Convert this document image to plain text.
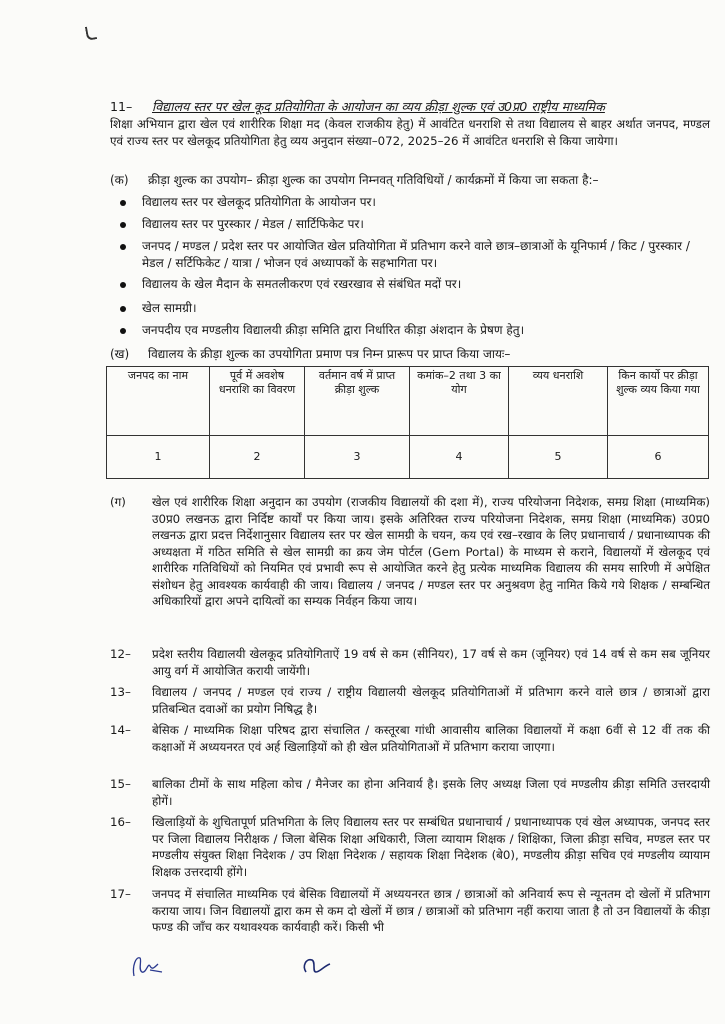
11– विद्यालय स्तर पर खेल कूद प्रतियोगिता के आयोजन का व्यय क्रीड़ा शुल्क एवं उ0प्र0 राष्ट्रीय माध्यमिक
शिक्षा अभियान द्वारा खेल एवं शारीरिक शिक्षा मद (केवल राजकीय हेतु) में आवंटित धनराशि से तथा विद्यालय से बाहर अर्थात जनपद, मण्डल एवं राज्य स्तर पर खेलकूद प्रतियोगिता हेतु व्यय अनुदान संख्या–072, 2025–26 में आवंटित धनराशि से किया जायेगा।
(क) क्रीड़ा शुल्क का उपयोग– क्रीड़ा शुल्क का उपयोग निम्नवत् गतिविधियों / कार्यक्रमों में किया जा सकता है:–
विद्यालय स्तर पर खेलकूद प्रतियोगिता के आयोजन पर।
विद्यालय स्तर पर पुरस्कार / मेडल / सार्टिफिकेट पर।
जनपद / मण्डल / प्रदेश स्तर पर आयोजित खेल प्रतियोगिता में प्रतिभाग करने वाले छात्र–छात्राओं के यूनिफार्म / किट / पुरस्कार / मेडल / सर्टिफिकेट / यात्रा / भोजन एवं अध्यापकों के सहभागिता पर।
विद्यालय के खेल मैदान के समतलीकरण एवं रखरखाव से संबंधित मदों पर।
खेल सामग्री।
जनपदीय एव मण्डलीय विद्यालयी क्रीड़ा समिति द्वारा निर्धारित कीड़ा अंशदान के प्रेषण हेतु।
(ख) विद्यालय के क्रीड़ा शुल्क का उपयोगिता प्रमाण पत्र निम्न प्रारूप पर प्राप्त किया जायः–
जनपद का नाम	पूर्व में अवशेष धनराशि का विवरण	वर्तमान वर्ष में प्राप्त क्रीड़ा शुल्क	कमांक–2 तथा 3 का योग	व्यय धनराशि	किन कार्यो पर क्रीड़ा शुल्क व्यय किया गया
1	2	3	4	5	6
(ग)	खेल एवं शारीरिक शिक्षा अनुदान का उपयोग (राजकीय विद्यालयों की दशा में), राज्य परियोजना निदेशक, समग्र शिक्षा (माध्यमिक) उ0प्र0 लखनऊ द्वारा निर्दिष्ट कार्यों पर किया जाय। इसके अतिरिक्त राज्य परियोजना निदेशक, समग्र शिक्षा (माध्यमिक) उ0प्र0 लखनऊ द्वारा प्रदत्त निर्देशानुसार विद्यालय स्तर पर खेल सामग्री के चयन, कय एवं रख–रखाव के लिए प्रधानाचार्य / प्रधानाध्यापक की अध्यक्षता में गठित समिति से खेल सामग्री का क्रय जेम पोर्टल (Gem Portal) के माध्यम से कराने, विद्यालयों में खेलकूद एवं शारीरिक गतिविधियों को नियमित एवं प्रभावी रूप से आयोजित करने हेतु प्रत्येक माध्यमिक विद्यालय की समय सारिणी में अपेक्षित संशोधन हेतु आवश्यक कार्यवाही की जाय। विद्यालय / जनपद / मण्डल स्तर पर अनुश्रवण हेतु नामित किये गये शिक्षक / सम्बन्धित अधिकारियों द्वारा अपने दायित्वों का सम्यक निर्वहन किया जाय।
12–	प्रदेश स्तरीय विद्यालयी खेलकूद प्रतियोगिताऐं 19 वर्ष से कम (सीनियर), 17 वर्ष से कम (जूनियर) एवं 14 वर्ष से कम सब जूनियर आयु वर्ग में आयोजित करायी जायेंगी।
13–	विद्यालय / जनपद / मण्डल एवं राज्य / राष्ट्रीय विद्यालयी खेलकूद प्रतियोगिताओं में प्रतिभाग करने वाले छात्र / छात्राओं द्वारा प्रतिबन्धित दवाओं का प्रयोग निषिद्ध है।
14–	बेसिक / माध्यमिक शिक्षा परिषद द्वारा संचालित / कस्तूरबा गांधी आवासीय बालिका विद्यालयों में कक्षा 6वीं से 12 वीं तक की कक्षाओं में अध्ययनरत एवं अर्ह खिलाड़ियों को ही खेल प्रतियोगिताओं में प्रतिभाग कराया जाएगा।
15–	बालिका टीमों के साथ महिला कोच / मैनेजर का होना अनिवार्य है। इसके लिए अध्यक्ष जिला एवं मण्डलीय क्रीड़ा समिति उत्तरदायी होगें।
16–	खिलाड़ियों के शुचितापूर्ण प्रतिभगिता के लिए विद्यालय स्तर पर सम्बंधित प्रधानाचार्य / प्रधानाध्यापक एवं खेल अध्यापक, जनपद स्तर पर जिला विद्यालय निरीक्षक / जिला बेसिक शिक्षा अधिकारी, जिला व्यायाम शिक्षक / शिक्षिका, जिला क्रीड़ा सचिव, मण्डल स्तर पर मण्डलीय संयुक्त शिक्षा निदेशक / उप शिक्षा निदेशक / सहायक शिक्षा निदेशक (बे0), मण्डलीय क्रीड़ा सचिव एवं मण्डलीय व्यायाम शिक्षक उत्तरदायी होंगे।
17–	जनपद में संचालित माध्यमिक एवं बेसिक विद्यालयों में अध्ययनरत छात्र / छात्राओं को अनिवार्य रूप से न्यूनतम दो खेलों में प्रतिभाग कराया जाय। जिन विद्यालयों द्वारा कम से कम दो खेलों में छात्र / छात्राओं को प्रतिभाग नहीं कराया जाता है तो उन विद्यालयों के कीड़ा फण्ड की जाँच कर यथावश्यक कार्यवाही करें। किसी भी
